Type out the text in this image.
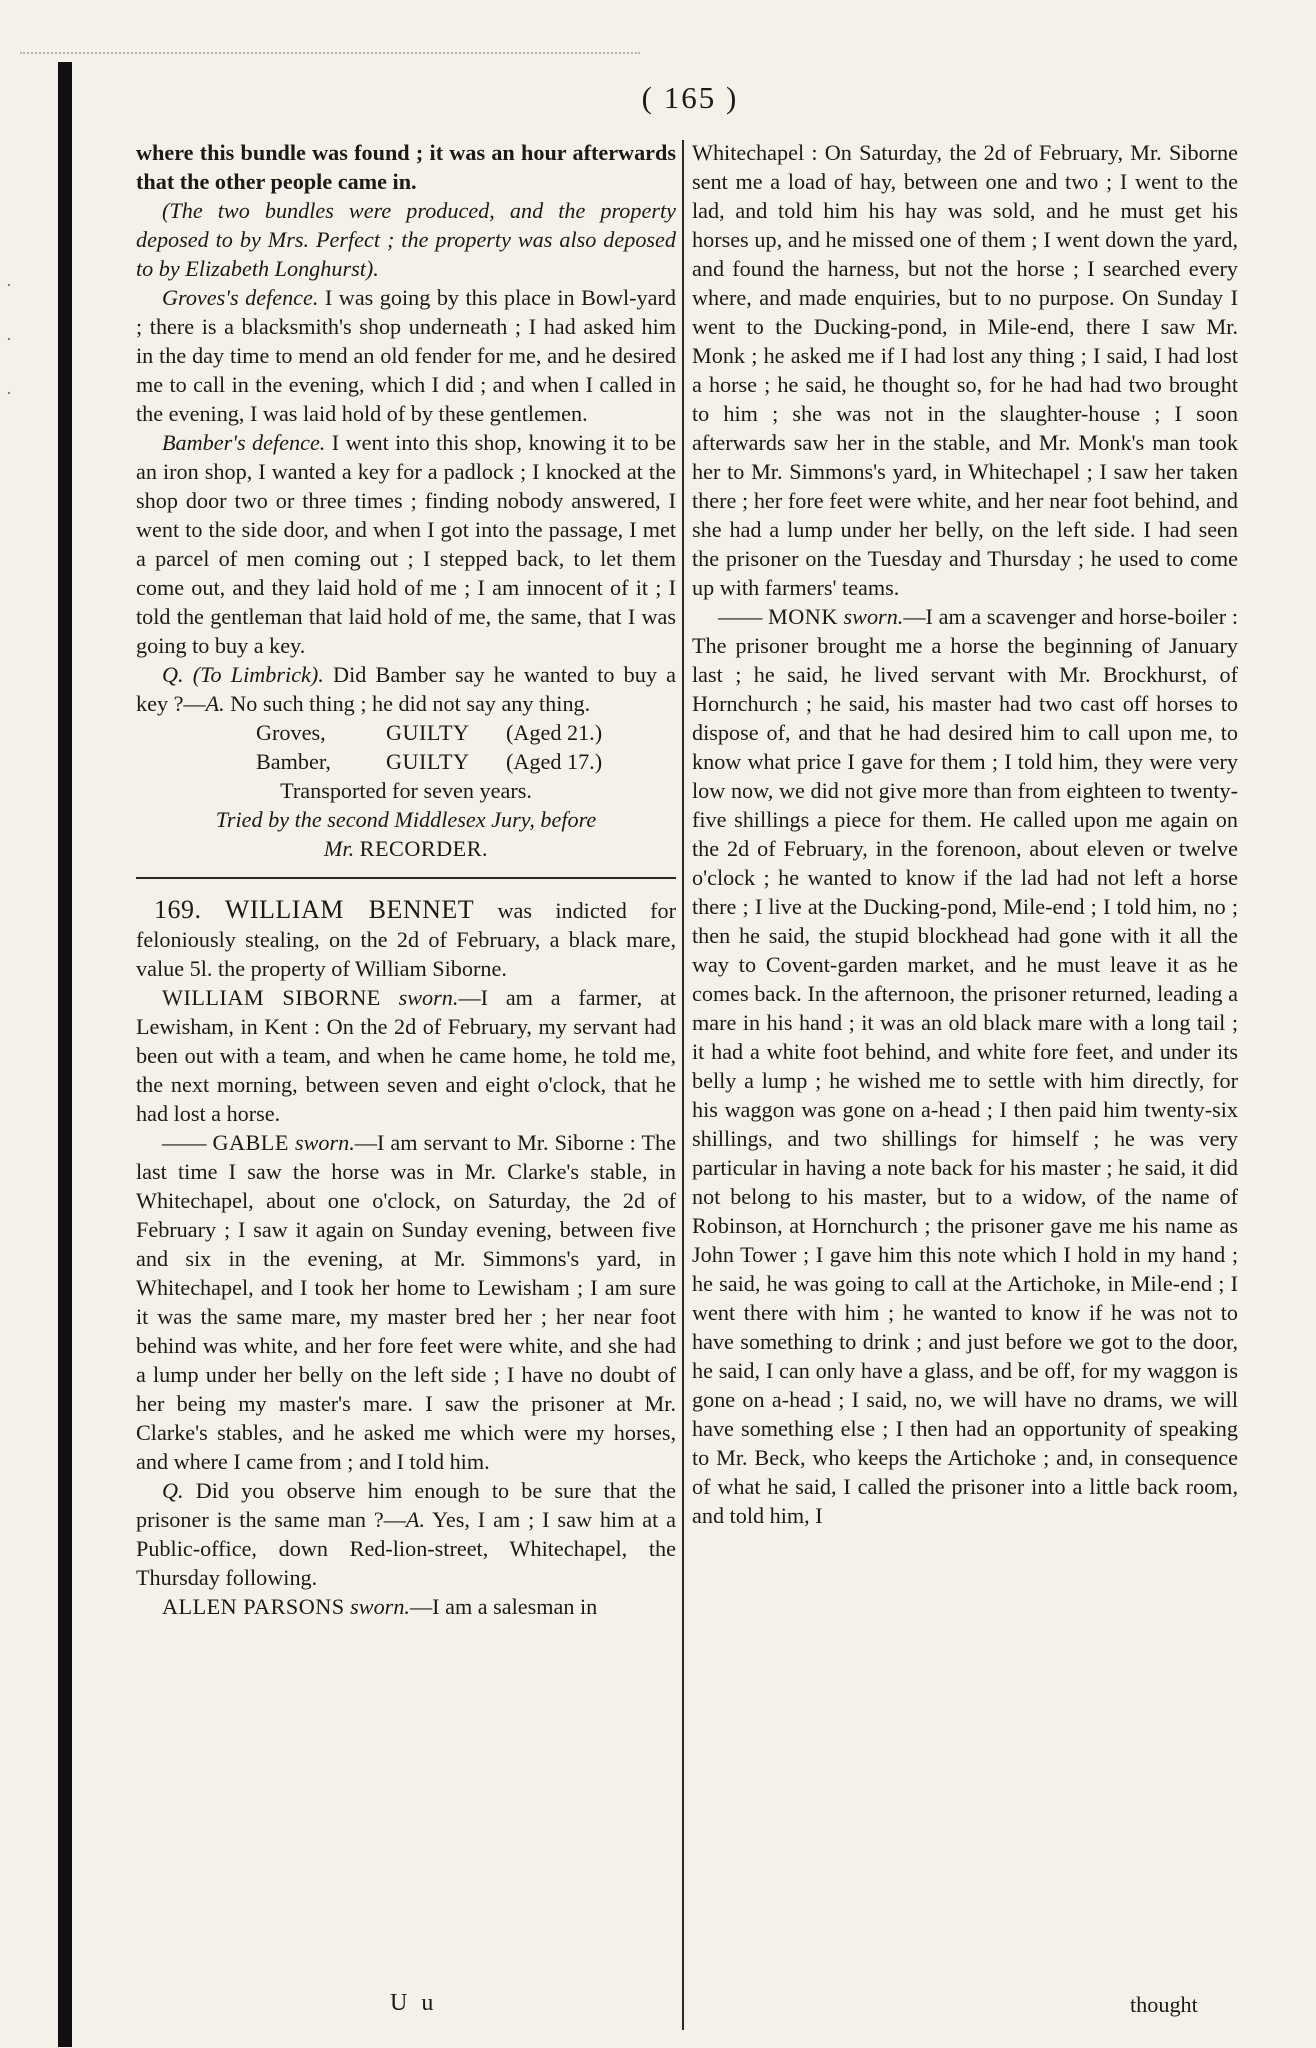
·
·
·
( 165 )

where this bundle was found ; it was an hour afterwards that the other people came in.

(The two bundles were produced, and the property deposed to by Mrs. Perfect ; the property was also deposed to by Elizabeth Longhurst).

Groves's defence. I was going by this place in Bowl-yard ; there is a blacksmith's shop underneath ; I had asked him in the day time to mend an old fender for me, and he desired me to call in the evening, which I did ; and when I called in the evening, I was laid hold of by these gentlemen.

Bamber's defence. I went into this shop, knowing it to be an iron shop, I wanted a key for a padlock ; I knocked at the shop door two or three times ; finding nobody answered, I went to the side door, and when I got into the passage, I met a parcel of men coming out ; I stepped back, to let them come out, and they laid hold of me ; I am innocent of it ; I told the gentleman that laid hold of me, the same, that I was going to buy a key.

Q. (To Limbrick). Did Bamber say he wanted to buy a key ?—A. No such thing ; he did not say any thing.

Groves,	GUILTY	(Aged 21.)
Bamber,	GUILTY	(Aged 17.)

Transported for seven years.

Tried by the second Middlesex Jury, before

Mr. RECORDER.

169. WILLIAM BENNET was indicted for feloniously stealing, on the 2d of February, a black mare, value 5l. the property of William Siborne.

WILLIAM SIBORNE sworn.—I am a farmer, at Lewisham, in Kent : On the 2d of February, my servant had been out with a team, and when he came home, he told me, the next morning, between seven and eight o'clock, that he had lost a horse.

—— GABLE sworn.—I am servant to Mr. Siborne : The last time I saw the horse was in Mr. Clarke's stable, in Whitechapel, about one o'clock, on Saturday, the 2d of February ; I saw it again on Sunday evening, between five and six in the evening, at Mr. Simmons's yard, in Whitechapel, and I took her home to Lewisham ; I am sure it was the same mare, my master bred her ; her near foot behind was white, and her fore feet were white, and she had a lump under her belly on the left side ; I have no doubt of her being my master's mare. I saw the prisoner at Mr. Clarke's stables, and he asked me which were my horses, and where I came from ; and I told him.

Q. Did you observe him enough to be sure that the prisoner is the same man ?—A. Yes, I am ; I saw him at a Public-office, down Red-lion-street, Whitechapel, the Thursday following.

ALLEN PARSONS sworn.—I am a salesman in

Whitechapel : On Saturday, the 2d of February, Mr. Siborne sent me a load of hay, between one and two ; I went to the lad, and told him his hay was sold, and he must get his horses up, and he missed one of them ; I went down the yard, and found the harness, but not the horse ; I searched every where, and made enquiries, but to no purpose. On Sunday I went to the Ducking-pond, in Mile-end, there I saw Mr. Monk ; he asked me if I had lost any thing ; I said, I had lost a horse ; he said, he thought so, for he had had two brought to him ; she was not in the slaughter-house ; I soon afterwards saw her in the stable, and Mr. Monk's man took her to Mr. Simmons's yard, in Whitechapel ; I saw her taken there ; her fore feet were white, and her near foot behind, and she had a lump under her belly, on the left side. I had seen the prisoner on the Tuesday and Thursday ; he used to come up with farmers' teams.

—— MONK sworn.—I am a scavenger and horse-boiler : The prisoner brought me a horse the beginning of January last ; he said, he lived servant with Mr. Brockhurst, of Hornchurch ; he said, his master had two cast off horses to dispose of, and that he had desired him to call upon me, to know what price I gave for them ; I told him, they were very low now, we did not give more than from eighteen to twenty-five shillings a piece for them. He called upon me again on the 2d of February, in the forenoon, about eleven or twelve o'clock ; he wanted to know if the lad had not left a horse there ; I live at the Ducking-pond, Mile-end ; I told him, no ; then he said, the stupid blockhead had gone with it all the way to Covent-garden market, and he must leave it as he comes back. In the afternoon, the prisoner returned, leading a mare in his hand ; it was an old black mare with a long tail ; it had a white foot behind, and white fore feet, and under its belly a lump ; he wished me to settle with him directly, for his waggon was gone on a-head ; I then paid him twenty-six shillings, and two shillings for himself ; he was very particular in having a note back for his master ; he said, it did not belong to his master, but to a widow, of the name of Robinson, at Hornchurch ; the prisoner gave me his name as John Tower ; I gave him this note which I hold in my hand ; he said, he was going to call at the Artichoke, in Mile-end ; I went there with him ; he wanted to know if he was not to have something to drink ; and just before we got to the door, he said, I can only have a glass, and be off, for my waggon is gone on a-head ; I said, no, we will have no drams, we will have something else ; I then had an opportunity of speaking to Mr. Beck, who keeps the Artichoke ; and, in consequence of what he said, I called the prisoner into a little back room, and told him, I

U u	thought
